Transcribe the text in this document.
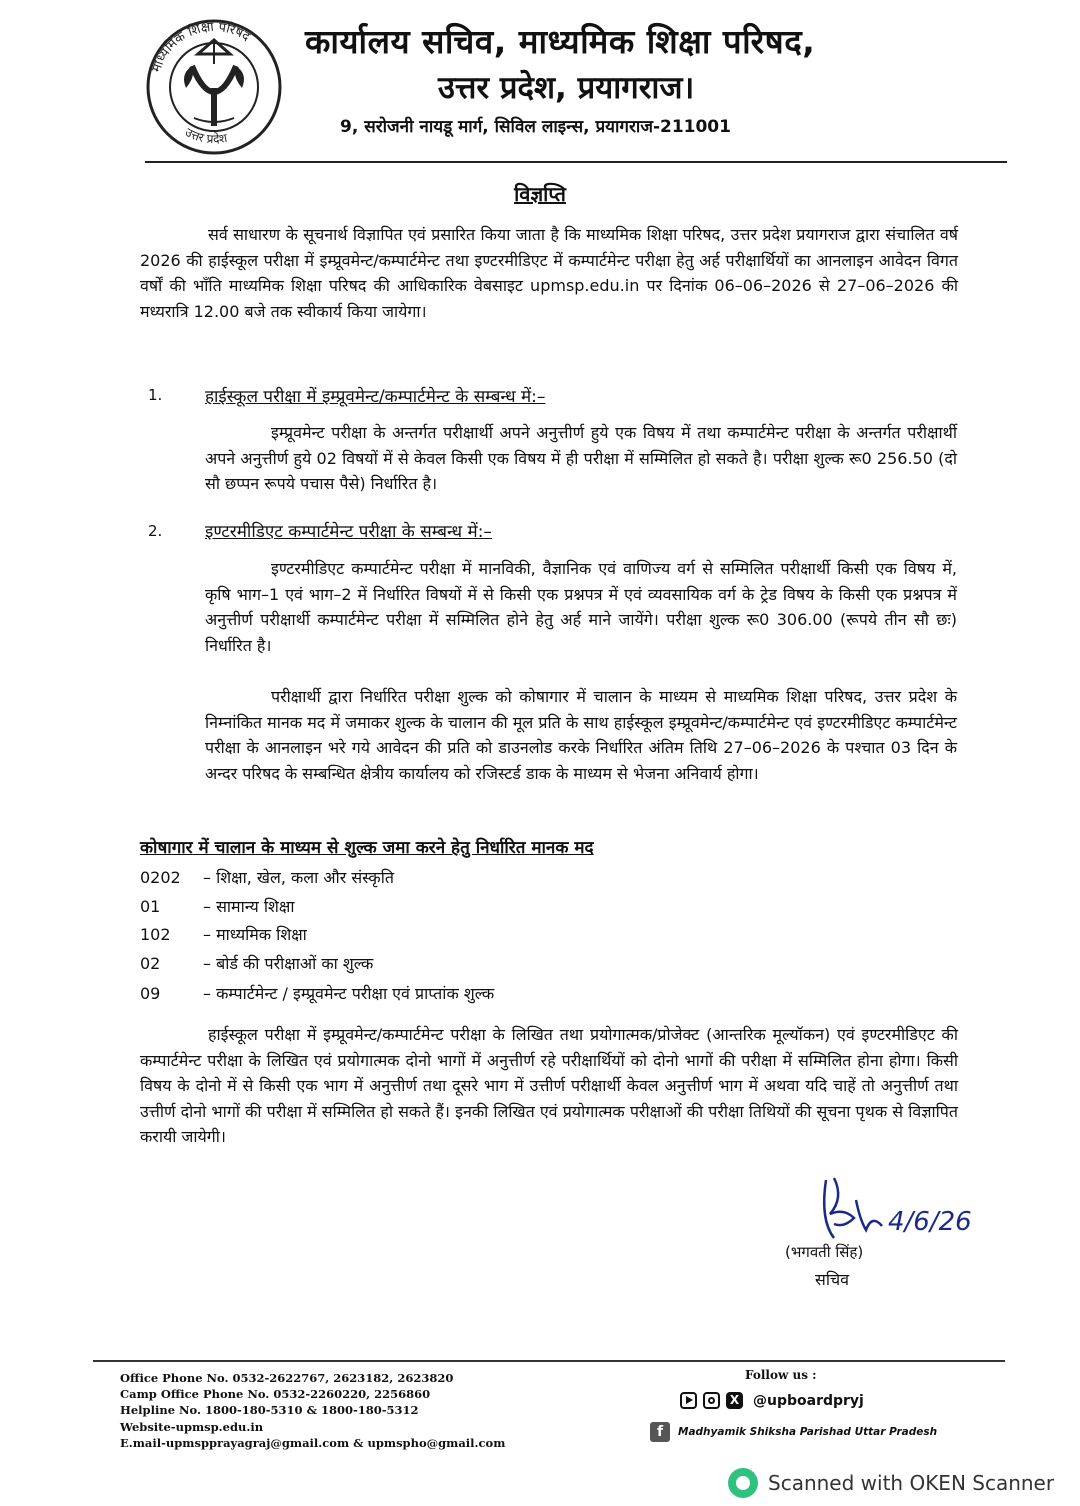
माध्यमिक शिक्षा परिषद
उत्तर प्रदेश
कार्यालय सचिव, माध्यमिक शिक्षा परिषद,
उत्तर प्रदेश, प्रयागराज।
9, सरोजनी नायडू मार्ग, सिविल लाइन्स, प्रयागराज-211001
विज्ञप्ति
सर्व साधारण के सूचनार्थ विज्ञापित एवं प्रसारित किया जाता है कि माध्यमिक शिक्षा परिषद, उत्तर प्रदेश प्रयागराज द्वारा संचालित वर्ष 2026 की हाईस्कूल परीक्षा में इम्प्रूवमेन्ट/कम्पार्टमेन्ट तथा इण्टरमीडिएट में कम्पार्टमेन्ट परीक्षा हेतु अर्ह परीक्षार्थियों का आनलाइन आवेदन विगत वर्षों की भाँति माध्यमिक शिक्षा परिषद की आधिकारिक वेबसाइट upmsp.edu.in पर दिनांक 06–06–2026 से 27–06–2026 की मध्यरात्रि 12.00 बजे तक स्वीकार्य किया जायेगा।
1.	हाईस्कूल परीक्षा में इम्प्रूवमेन्ट/कम्पार्टमेन्ट के सम्बन्ध में:–
इम्प्रूवमेन्ट परीक्षा के अन्तर्गत परीक्षार्थी अपने अनुत्तीर्ण हुये एक विषय में तथा कम्पार्टमेन्ट परीक्षा के अन्तर्गत परीक्षार्थी अपने अनुत्तीर्ण हुये 02 विषयों में से केवल किसी एक विषय में ही परीक्षा में सम्मिलित हो सकते है। परीक्षा शुल्क रू0 256.50 (दो सौ छप्पन रूपये पचास पैसे) निर्धारित है।
2.	इण्टरमीडिएट कम्पार्टमेन्ट परीक्षा के सम्बन्ध में:–
इण्टरमीडिएट कम्पार्टमेन्ट परीक्षा में मानविकी, वैज्ञानिक एवं वाणिज्य वर्ग से सम्मिलित परीक्षार्थी किसी एक विषय में, कृषि भाग–1 एवं भाग–2 में निर्धारित विषयों में से किसी एक प्रश्नपत्र में एवं व्यवसायिक वर्ग के ट्रेड विषय के किसी एक प्रश्नपत्र में अनुत्तीर्ण परीक्षार्थी कम्पार्टमेन्ट परीक्षा में सम्मिलित होने हेतु अर्ह माने जायेंगे। परीक्षा शुल्क रू0 306.00 (रूपये तीन सौ छः) निर्धारित है।
परीक्षार्थी द्वारा निर्धारित परीक्षा शुल्क को कोषागार में चालान के माध्यम से माध्यमिक शिक्षा परिषद, उत्तर प्रदेश के निम्नांकित मानक मद में जमाकर शुल्क के चालान की मूल प्रति के साथ हाईस्कूल इम्प्रूवमेन्ट/कम्पार्टमेन्ट एवं इण्टरमीडिएट कम्पार्टमेन्ट परीक्षा के आनलाइन भरे गये आवेदन की प्रति को डाउनलोड करके निर्धारित अंतिम तिथि 27–06–2026 के पश्चात 03 दिन के अन्दर परिषद के सम्बन्धित क्षेत्रीय कार्यालय को रजिस्टर्ड डाक के माध्यम से भेजना अनिवार्य होगा।
कोषागार में चालान के माध्यम से शुल्क जमा करने हेतु निर्धारित मानक मद
0202 – शिक्षा, खेल, कला और संस्कृति
01	– सामान्य शिक्षा
102 – माध्यमिक शिक्षा
02	– बोर्ड की परीक्षाओं का शुल्क
09	– कम्पार्टमेन्ट / इम्प्रूवमेन्ट परीक्षा एवं प्राप्तांक शुल्क
हाईस्कूल परीक्षा में इम्प्रूवमेन्ट/कम्पार्टमेन्ट परीक्षा के लिखित तथा प्रयोगात्मक/प्रोजेक्ट (आन्तरिक मूल्यॉकन) एवं इण्टरमीडिएट की कम्पार्टमेन्ट परीक्षा के लिखित एवं प्रयोगात्मक दोनो भागों में अनुत्तीर्ण रहे परीक्षार्थियों को दोनो भागों की परीक्षा में सम्मिलित होना होगा। किसी विषय के दोनो में से किसी एक भाग में अनुत्तीर्ण तथा दूसरे भाग में उत्तीर्ण परीक्षार्थी केवल अनुत्तीर्ण भाग में अथवा यदि चाहें तो अनुत्तीर्ण तथा उत्तीर्ण दोनो भागों की परीक्षा में सम्मिलित हो सकते हैं। इनकी लिखित एवं प्रयोगात्मक परीक्षाओं की परीक्षा तिथियों की सूचना पृथक से विज्ञापित करायी जायेगी।
4/6/26
(भगवती सिंह)
सचिव
Office Phone No. 0532-2622767, 2623182, 2623820
Camp Office Phone No. 0532-2260220, 2256860
Helpline No. 1800-180-5310 & 1800-180-5312
Website-upmsp.edu.in
E.mail-upmspprayagraj@gmail.com & upmspho@gmail.com
Follow us :
X @upboardpryj
f	Madhyamik Shiksha Parishad Uttar Pradesh
Scanned with OKEN Scanner
